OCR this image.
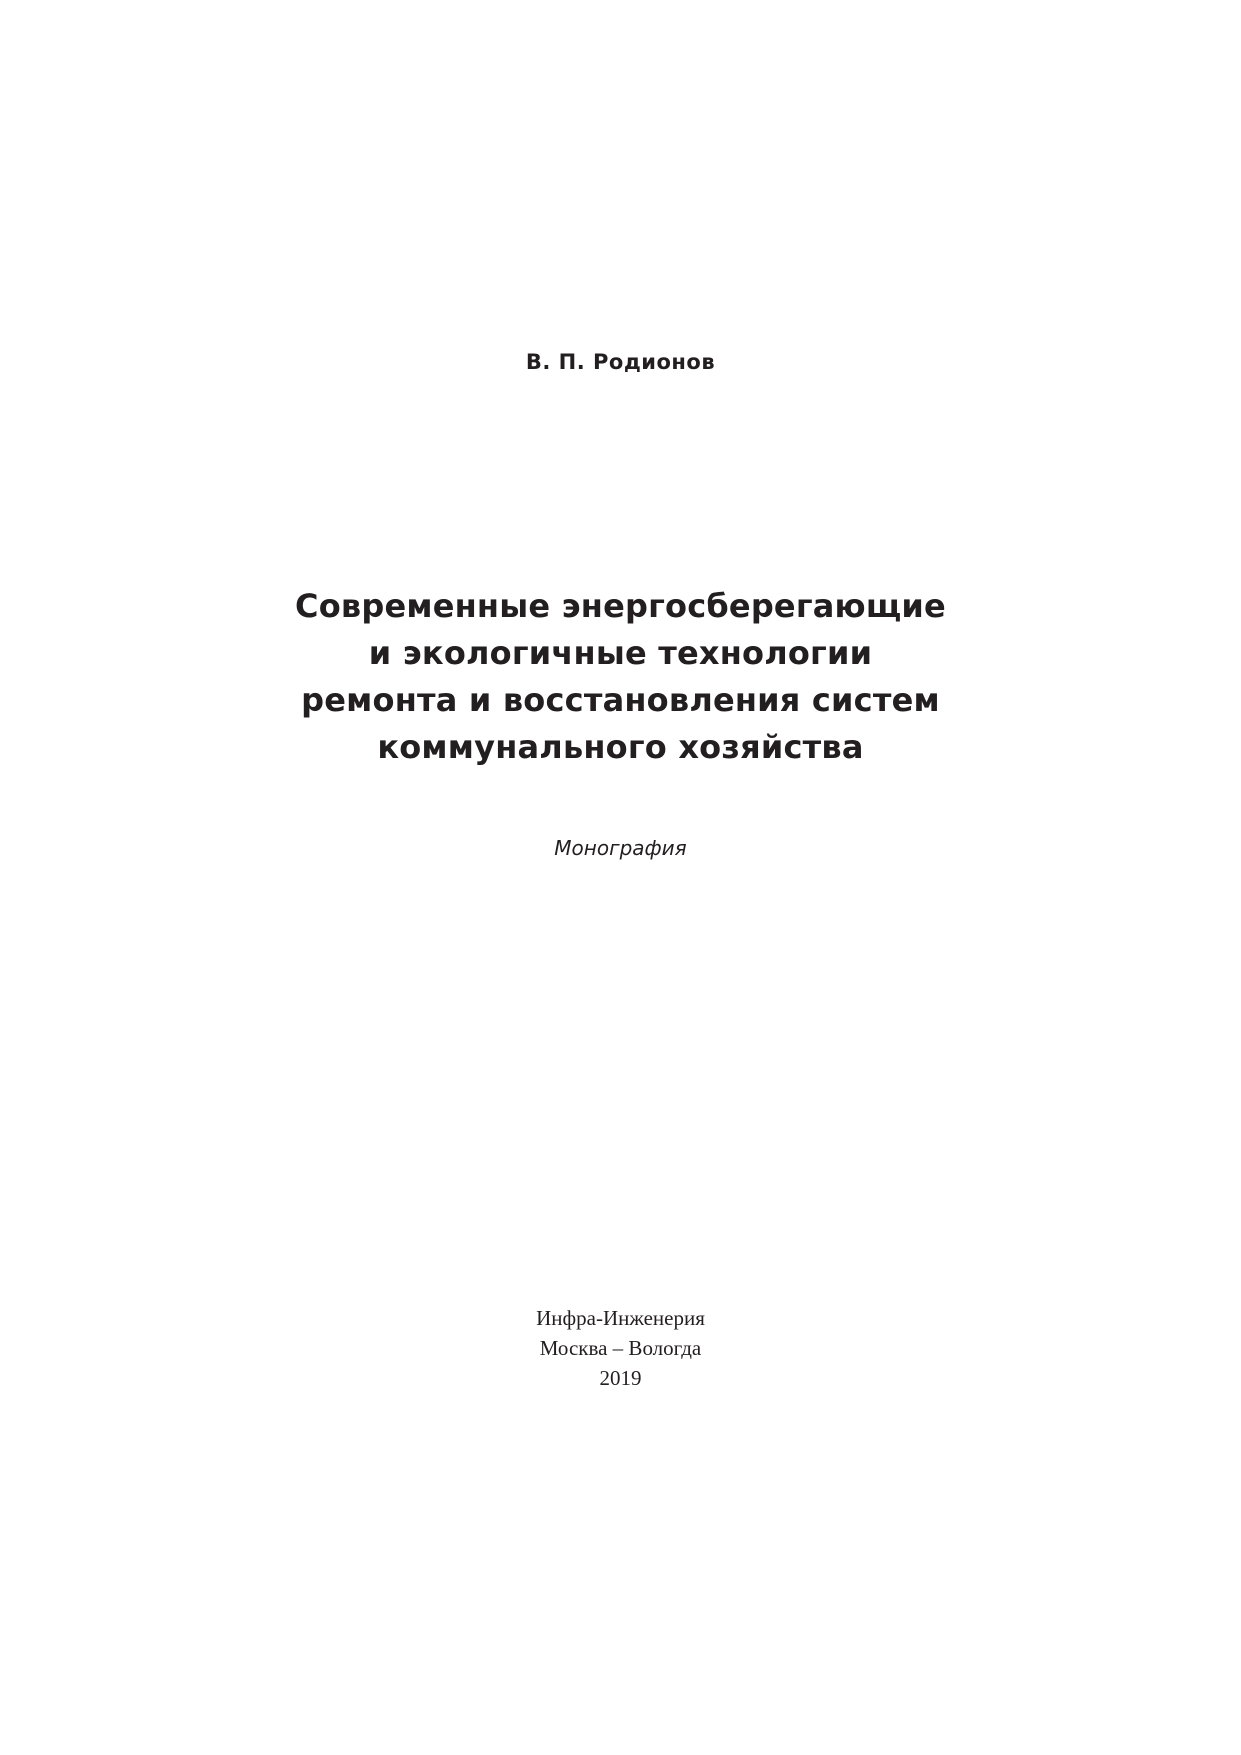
В. П. Родионов
Современные энергосберегающие
и экологичные технологии
ремонта и восстановления систем
коммунального хозяйства
Монография
Инфра-Инженерия
Москва – Вологда
2019
